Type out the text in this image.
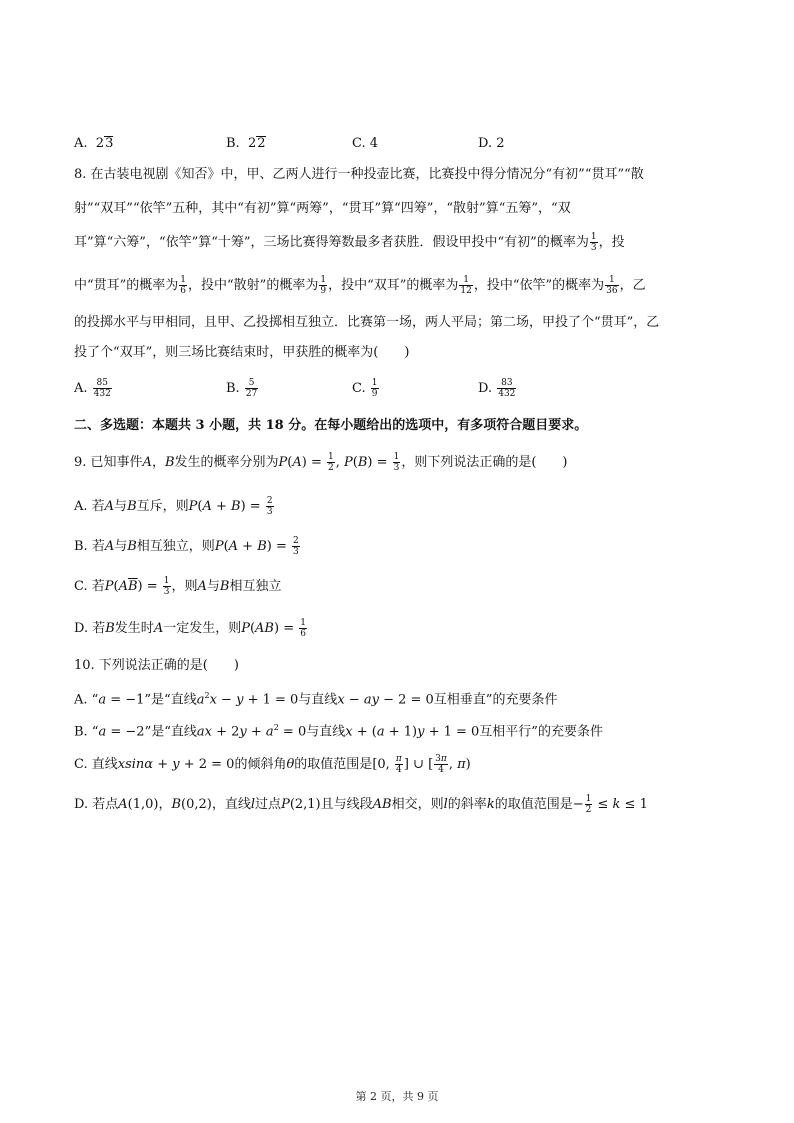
A.  23	B.  22	C. 4	D. 2
8. 在古装电视剧《知否》中，甲、乙两人进行一种投壶比赛，比赛投中得分情况分“有初”“贯耳”“散
射”“双耳”“依竿”五种，其中“有初”算“两筹”，“贯耳”算“四筹”，“散射”算“五筹”，“双
耳”算“六筹”，“依竿”算“十筹”，三场比赛得筹数最多者获胜．假设甲投中“有初”的概率为 $\frac{1}{3}$ ，投
中“贯耳”的概率为 $\frac{1}{6}$ ，投中“散射”的概率为 $\frac{1}{9}$ ，投中“双耳”的概率为 $\frac{1}{12}$ ，投中“依竿”的概率为 $\frac{1}{36}$ ，乙
的投掷水平与甲相同，且甲、乙投掷相互独立．比赛第一场，两人平局；第二场，甲投了个“贯耳”，乙
投了个“双耳”，则三场比赛结束时，甲获胜的概率为(　　)
A. $\frac{85}{432}$	B. $\frac{5}{27}$	C. $\frac{1}{9}$	D. $\frac{83}{432}$
二、多选题：本题共 3 小题，共 18 分。在每小题给出的选项中，有多项符合题目要求。
9. 已知事件A，B发生的概率分别为$P(A) = \frac{1}{2}$ , $P(B) = \frac{1}{3}$ ，则下列说法正确的是(　　)
A. 若A与B互斥，则$P(A + B) = \frac{2}{3}$
B. 若A与B相互独立，则$P(A + B) = \frac{2}{3}$
C. 若$P(A\overline{B}) = \frac{1}{3}$ ，则A与B相互独立
D. 若B发生时A一定发生，则$P(AB) = \frac{1}{6}$
10. 下列说法正确的是(　　)
A. “a = −1”是“直线$a^2x - y + 1 = 0$与直线x − ay − 2 = 0互相垂直”的充要条件
B. “a = −2”是“直线ax + $2y + a^2 = 0$与直线x + (a + 1)y + 1 = 0互相平行”的充要条件
C. 直线xsinα + y + 2 = 0的倾斜角θ的取值范围是[0, $\frac{\pi}{4}$ ] ∪ [ $\frac{3\pi}{4}$ , π)
D. 若点A(1,0)，B(0,2)，直线l过点P(2,1)且与线段AB相交，则l的斜率k的取值范围是− $\frac{1}{2} \le k \le 1$
第 2 页，共 9 页
